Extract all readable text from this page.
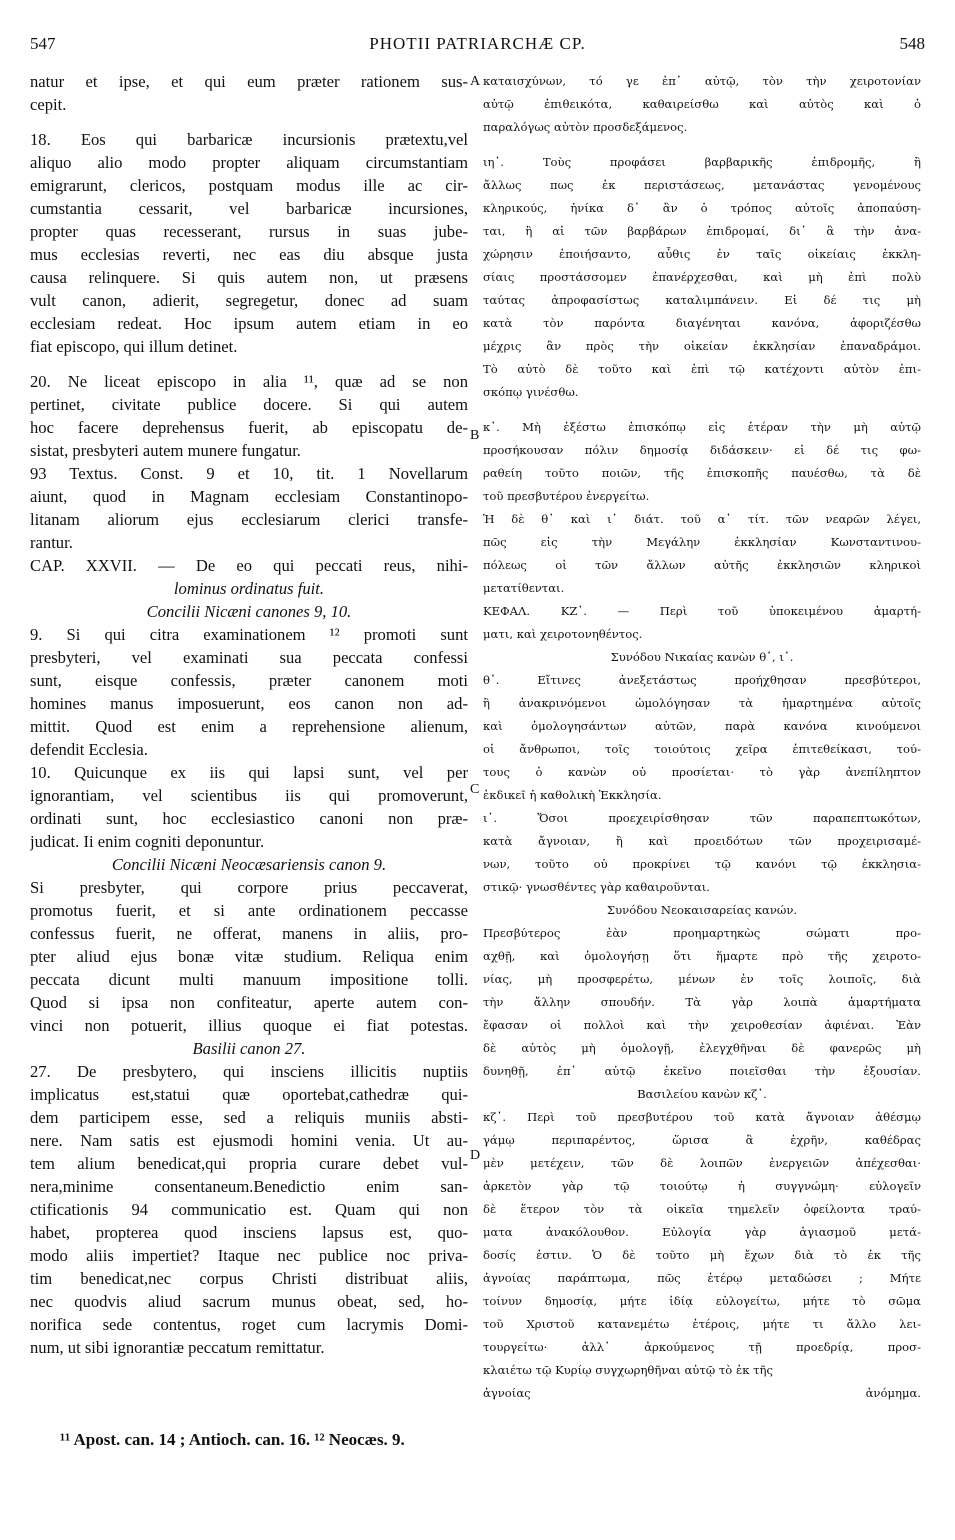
547	PHOTII PATRIARCHÆ CP.	548
natur et ipse, et qui eum præter rationem sus-
cepit.
18. Eos qui barbaricæ incursionis prætextu,vel
aliquo alio modo propter aliquam circumstantiam
emigrarunt, clericos, postquam modus ille ac cir-
cumstantia cessarit, vel barbaricæ incursiones,
propter quas recesserant, rursus in suas jube-
mus ecclesias reverti, nec eas diu absque justa
causa relinquere. Si quis autem non, ut præsens
vult canon, adierit, segregetur, donec ad suam
ecclesiam redeat. Hoc ipsum autem etiam in eo
fiat episcopo, qui illum detinet.
20. Ne liceat episcopo in alia ¹¹, quæ ad se non
pertinet, civitate publice docere. Si qui autem
hoc facere deprehensus fuerit, ab episcopatu de-
sistat, presbyteri autem munere fungatur.
93 Textus. Const. 9 et 10, tit. 1 Novellarum
aiunt, quod in Magnam ecclesiam Constantinopo-
litanam aliorum ejus ecclesiarum clerici transfe-
rantur.
CAP. XXVII. — De eo qui peccati reus, nihi-
lominus ordinatus fuit.
Concilii Nicæni canones 9, 10.
9. Si qui citra examinationem ¹² promoti sunt
presbyteri, vel examinati sua peccata confessi
sunt, eisque confessis, præter canonem moti
homines manus imposuerunt, eos canon non ad-
mittit. Quod est enim a reprehensione alienum,
defendit Ecclesia.
10. Quicunque ex iis qui lapsi sunt, vel per
ignorantiam, vel scientibus iis qui promoverunt,
ordinati sunt, hoc ecclesiastico canoni non præ-
judicat. Ii enim cogniti deponuntur.
Concilii Nicæni Neocæsariensis canon 9.
Si presbyter, qui corpore prius peccaverat,
promotus fuerit, et si ante ordinationem peccasse
confessus fuerit, ne offerat, manens in aliis, pro-
pter aliud ejus bonæ vitæ studium. Reliqua enim
peccata dicunt multi manuum impositione tolli.
Quod si ipsa non confiteatur, aperte autem con-
vinci non potuerit, illius quoque ei fiat potestas.
Basilii canon 27.
27. De presbytero, qui insciens illicitis nuptiis
implicatus est,statui quæ oportebat,cathedræ qui-
dem participem esse, sed a reliquis muniis absti-
nere. Nam satis est ejusmodi homini venia. Ut au-
tem alium benedicat,qui propria curare debet vul-
nera,minime consentaneum.Benedictio enim san-
ctificationis 94 communicatio est. Quam qui non
habet, propterea quod insciens lapsus est, quo-
modo aliis impertiet? Itaque nec publice noc priva-
tim benedicat,nec corpus Christi distribuat aliis,
nec quodvis aliud sacrum munus obeat, sed, ho-
norifica sede contentus, roget cum lacrymis Domi-
num, ut sibi ignorantiæ peccatum remittatur.
A
B
C
D
καταισχύνων, τό γε ἐπ᾽ αὐτῷ, τὸν τὴν χειροτονίαν
αὐτῷ ἐπιθεικότα, καθαιρείσθω καὶ αὐτὸς καὶ ὁ
παραλόγως αὐτὸν προσδεξάμενος.
ιη᾽. Τοὺς προφάσει βαρβαρικῆς ἐπιδρομῆς, ἢ
ἄλλως πως ἐκ περιστάσεως, μετανάστας γενομένους
κληρικούς, ἡνίκα δ᾽ ἂν ὁ τρόπος αὐτοῖς ἀποπαύση-
ται, ἢ αἱ τῶν βαρβάρων ἐπιδρομαί, δι᾽ ἃ τὴν ἀνα-
χώρησιν ἐποιήσαντο, αὖθις ἐν ταῖς οἰκείαις ἐκκλη-
σίαις προστάσσομεν ἐπανέρχεσθαι, καὶ μὴ ἐπὶ πολὺ
ταύτας ἀπροφασίστως καταλιμπάνειν. Εἰ δέ τις μὴ
κατὰ τὸν παρόντα διαγένηται κανόνα, ἀφοριζέσθω
μέχρις ἂν πρὸς τὴν οἰκείαν ἐκκλησίαν ἐπαναδράμοι.
Τὸ αὐτὸ δὲ τοῦτο καὶ ἐπὶ τῷ κατέχοντι αὐτὸν ἐπι-
σκόπῳ γινέσθω.
κ᾽. Μὴ ἐξέστω ἐπισκόπῳ εἰς ἑτέραν τὴν μὴ αὐτῷ
προσήκουσαν πόλιν δημοσίᾳ διδάσκειν· εἰ δέ τις φω-
ραθείη τοῦτο ποιῶν, τῆς ἐπισκοπῆς παυέσθω, τὰ δὲ
τοῦ πρεσβυτέρου ἐνεργείτω.
Ἡ δὲ θ᾽ καὶ ι᾽ διάτ. τοῦ α᾽ τίτ. τῶν νεαρῶν λέγει,
πῶς εἰς τὴν Μεγάλην ἐκκλησίαν Κωνσταντινου-
πόλεως οἱ τῶν ἄλλων αὐτῆς ἐκκλησιῶν κληρικοὶ
μετατίθενται.
ΚΕΦΑΛ. ΚΖ᾽. — Περὶ τοῦ ὑποκειμένου ἁμαρτή-
ματι, καὶ χειροτονηθέντος.
Συνόδου Νικαίας κανὼν θ᾽, ι᾽.
θ᾽. Εἴτινες ἀνεξετάστως προήχθησαν πρεσβύτεροι,
ἢ ἀνακρινόμενοι ὡμολόγησαν τὰ ἡμαρτημένα αὐτοῖς
καὶ ὁμολογησάντων αὐτῶν, παρὰ κανόνα κινούμενοι
οἱ ἄνθρωποι, τοῖς τοιούτοις χεῖρα ἐπιτεθείκασι, τού-
τους ὁ κανὼν οὐ προσίεται· τὸ γὰρ ἀνεπίληπτον
ἐκδικεῖ ἡ καθολικὴ Ἐκκλησία.
ι᾽. Ὅσοι προεχειρίσθησαν τῶν παραπεπτωκότων,
κατὰ ἄγνοιαν, ἢ καὶ προειδότων τῶν προχειρισαμέ-
νων, τοῦτο οὐ προκρίνει τῷ κανόνι τῷ ἐκκλησια-
στικῷ· γνωσθέντες γὰρ καθαιροῦνται.
Συνόδου Νεοκαισαρείας κανών.
Πρεσβύτερος ἐὰν προημαρτηκὼς σώματι προ-
αχθῇ, καὶ ὁμολογήσῃ ὅτι ἥμαρτε πρὸ τῆς χειροτο-
νίας, μὴ προσφερέτω, μένων ἐν τοῖς λοιποῖς, διὰ
τὴν ἄλλην σπουδήν. Τὰ γὰρ λοιπὰ ἁμαρτήματα
ἔφασαν οἱ πολλοὶ καὶ τὴν χειροθεσίαν ἀφιέναι. Ἐὰν
δὲ αὐτὸς μὴ ὁμολογῇ, ἐλεγχθῆναι δὲ φανερῶς μὴ
δυνηθῇ, ἐπ᾽ αὐτῷ ἐκεῖνο ποιεῖσθαι τὴν ἐξουσίαν.
Βασιλείου κανὼν κζ᾽.
κζ᾽. Περὶ τοῦ πρεσβυτέρου τοῦ κατὰ ἄγνοιαν ἀθέσμῳ
γάμῳ περιπαρέντος, ὥρισα ἃ ἐχρῆν, καθέδρας
μὲν μετέχειν, τῶν δὲ λοιπῶν ἐνεργειῶν ἀπέχεσθαι·
ἀρκετὸν γὰρ τῷ τοιούτῳ ἡ συγγνώμη· εὐλογεῖν
δὲ ἕτερον τὸν τὰ οἰκεῖα τημελεῖν ὀφείλοντα τραύ-
ματα ἀνακόλουθον. Εὐλογία γὰρ ἁγιασμοῦ μετά-
δοσίς ἐστιν. Ὁ δὲ τοῦτο μὴ ἔχων διὰ τὸ ἐκ τῆς
ἀγνοίας παράπτωμα, πῶς ἑτέρῳ μεταδώσει ; Μήτε
τοίνυν δημοσίᾳ, μήτε ἰδίᾳ εὐλογείτω, μήτε τὸ σῶμα
τοῦ Χριστοῦ κατανεμέτω ἑτέροις, μήτε τι ἄλλο λει-
τουργείτω· ἀλλ᾽ ἀρκούμενος τῇ προεδρίᾳ, προσ-
κλαιέτω τῷ Κυρίῳ συγχωρηθῆναι αὐτῷ τὸ ἐκ τῆς
ἀγνοίας ἀνόμημα.
¹¹ Apost. can. 14 ; Antioch. can. 16. ¹² Neocæs. 9.
